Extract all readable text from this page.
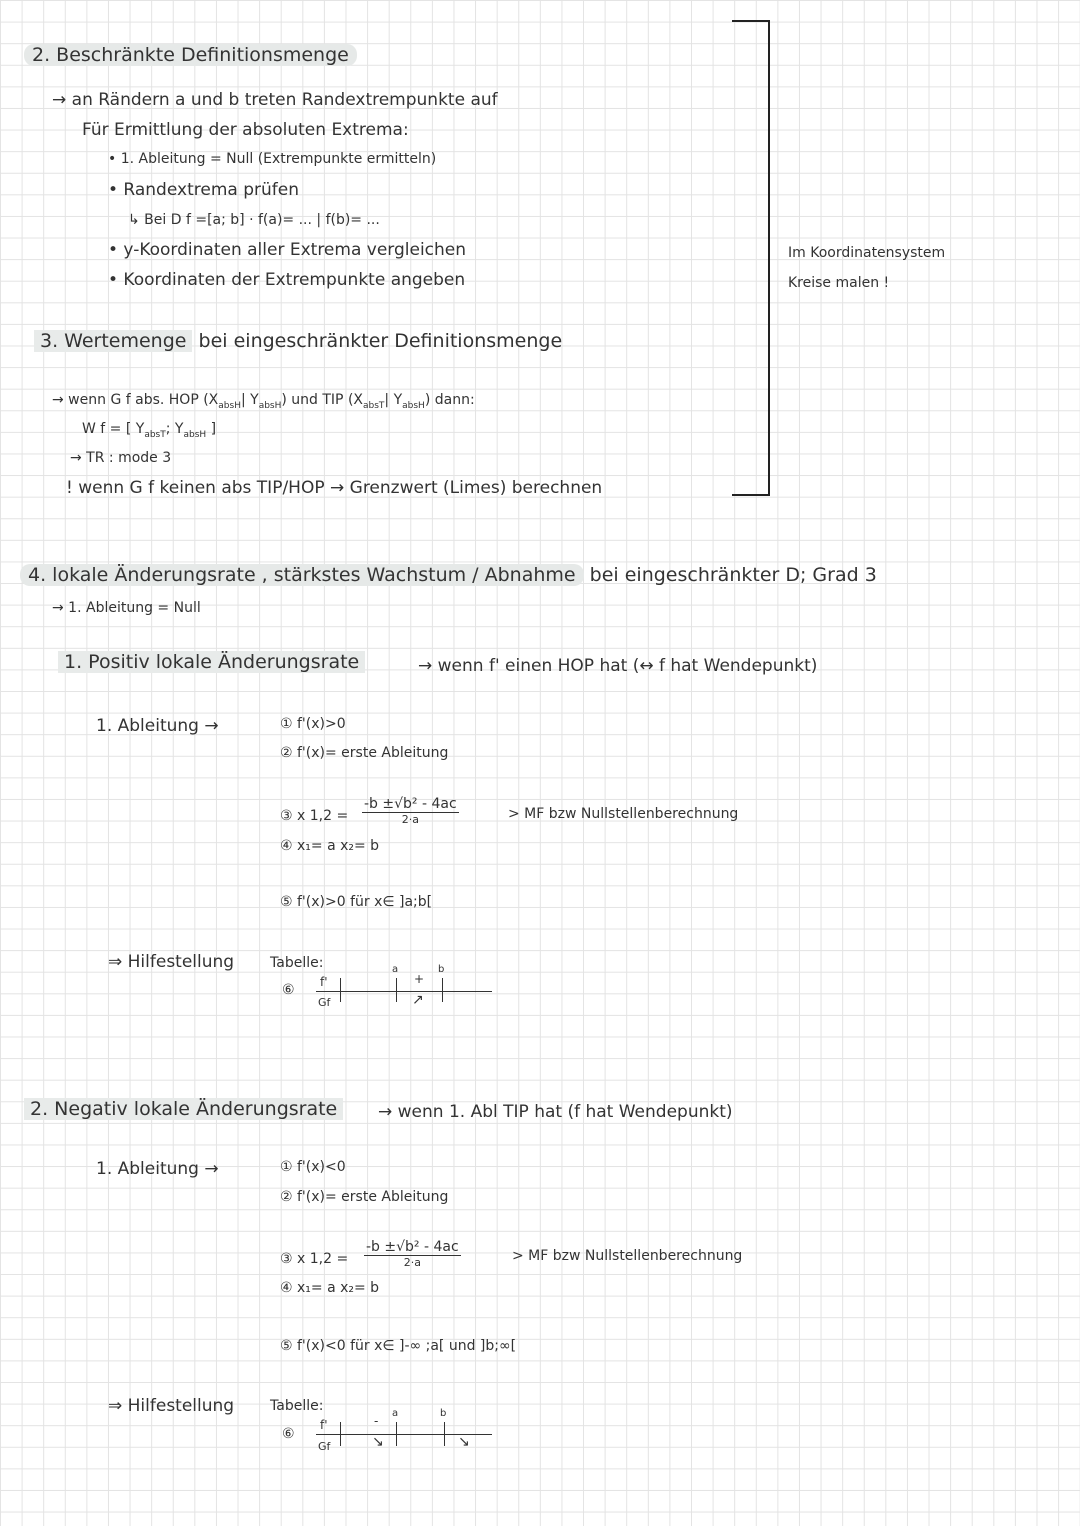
2. Beschränkte Definitionsmenge
→ an Rändern a und b treten Randextrempunkte auf
Für Ermittlung der absoluten Extrema:
• 1. Ableitung = Null (Extrempunkte ermitteln)
• Randextrema prüfen
↳ Bei D f =[a; b] · f(a)= ... | f(b)= ...
• y-Koordinaten aller Extrema vergleichen
• Koordinaten der Extrempunkte angeben
Im Koordinatensystem
Kreise malen !
3. Wertemenge bei eingeschränkter Definitionsmenge
→ wenn G f abs. HOP ($X_{absH}|$ $Y_{absH}$) und TIP ($X_{absT}|$ $Y_{absH}$) dann:
W f = [ $Y_{absT}$; $Y_{absH}$ ]
→ TR : mode 3
! wenn G f keinen abs TIP/HOP → Grenzwert (Limes) berechnen
4. lokale Änderungsrate , stärkstes Wachstum / Abnahme bei eingeschränkter D; Grad 3
→ 1. Ableitung = Null
1. Positiv lokale Änderungsrate	→ wenn f' einen HOP hat (↔ f hat Wendepunkt)
1. Ableitung →	① f'(x)>0
② f'(x)= erste Ableitung
③ x 1,2 =
-b ±√b² - 4ac
2·a	> MF bzw Nullstellenberechnung
④ x₁= a x₂= b
⑤ f'(x)>0 für x∈ ]a;b[
⇒ Hilfestellung	Tabelle:
⑥ f'
Gf
a	b
+
↗
2. Negativ lokale Änderungsrate	→ wenn 1. Abl TIP hat (f hat Wendepunkt)
1. Ableitung →	① f'(x)<0
② f'(x)= erste Ableitung
③ x 1,2 =
-b ±√b² - 4ac
2·a	> MF bzw Nullstellenberechnung
④ x₁= a x₂= b
⑤ f'(x)<0 für x∈ ]-∞ ;a[ und ]b;∞[
⇒ Hilfestellung	Tabelle:
⑥
f'
Gf
a	b
-
↘	↘
